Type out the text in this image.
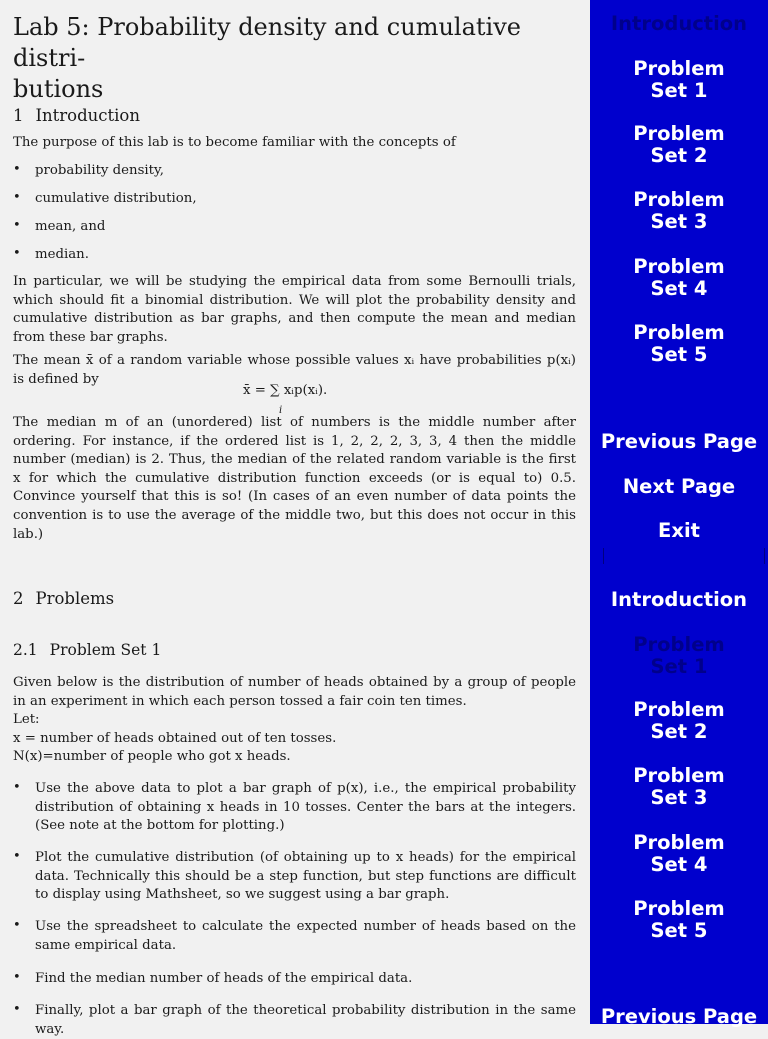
Lab 5: Probability density and cumulative distri-
butions
1 Introduction

The purpose of this lab is to become familiar with the concepts of

• probability density,
• cumulative distribution,
• mean, and
• median.

In particular, we will be studying the empirical data from some Bernoulli trials, which should fit a binomial distribution. We will plot the probability density and cumulative distribution as bar graphs, and then compute the mean and median from these bar graphs.

The mean x̄ of a random variable whose possible values xᵢ have probabilities p(xᵢ) is defined by

x̄ = ∑ xᵢp(xᵢ).
i

The median m of an (unordered) list of numbers is the middle number after ordering. For instance, if the ordered list is 1, 2, 2, 2, 3, 3, 4 then the middle number (median) is 2. Thus, the median of the related random variable is the first x for which the cumulative distribution function exceeds (or is equal to) 0.5. Convince yourself that this is so! (In cases of an even number of data points the convention is to use the average of the middle two, but this does not occur in this lab.)

2 Problems
2.1 Problem Set 1

Given below is the distribution of number of heads obtained by a group of people in an experiment in which each person tossed a fair coin ten times.

Let:

x = number of heads obtained out of ten tosses.

N(x)=number of people who got x heads.

• Use the above data to plot a bar graph of p(x), i.e., the empirical probability distribution of obtaining x heads in 10 tosses. Center the bars at the integers. (See note at the bottom for plotting.)
• Plot the cumulative distribution (of obtaining up to x heads) for the empirical data. Technically this should be a step function, but step functions are difficult to display using Mathsheet, so we suggest using a bar graph.
• Use the spreadsheet to calculate the expected number of heads based on the same empirical data.
• Find the median number of heads of the empirical data.
• Finally, plot a bar graph of the theoretical probability distribution in the same way.
Introduction
Problem Set 1
Problem Set 2
Problem Set 3
Problem Set 4
Problem Set 5
Previous Page
Next Page
Exit
Introduction
Problem Set 1
Problem Set 2
Problem Set 3
Problem Set 4
Problem Set 5
Previous Page
